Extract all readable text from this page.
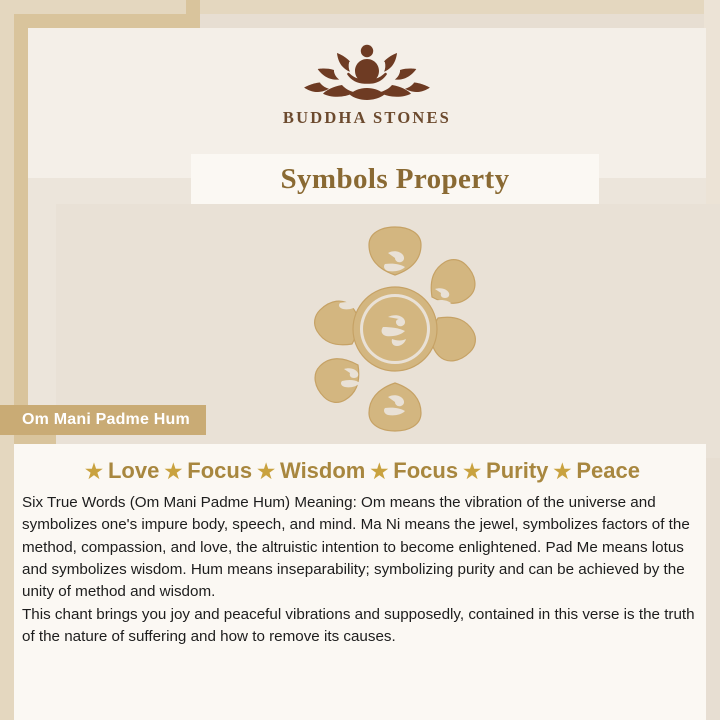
BUDDHA STONES
Symbols Property
Om Mani Padme Hum
★ Love ★ Focus ★ Wisdom ★ Focus ★ Purity ★ Peace

Six True Words (Om Mani Padme Hum) Meaning: Om means the vibration of the universe and symbolizes one's impure body, speech, and mind. Ma Ni means the jewel, symbolizes factors of the method, compassion, and love, the altruistic intention to become enlightened. Pad Me means lotus and symbolizes wisdom. Hum means inseparability; symbolizing purity and can be achieved by the unity of method and wisdom.

This chant brings you joy and peaceful vibrations and supposedly, contained in this verse is the truth of the nature of suffering and how to remove its causes.
